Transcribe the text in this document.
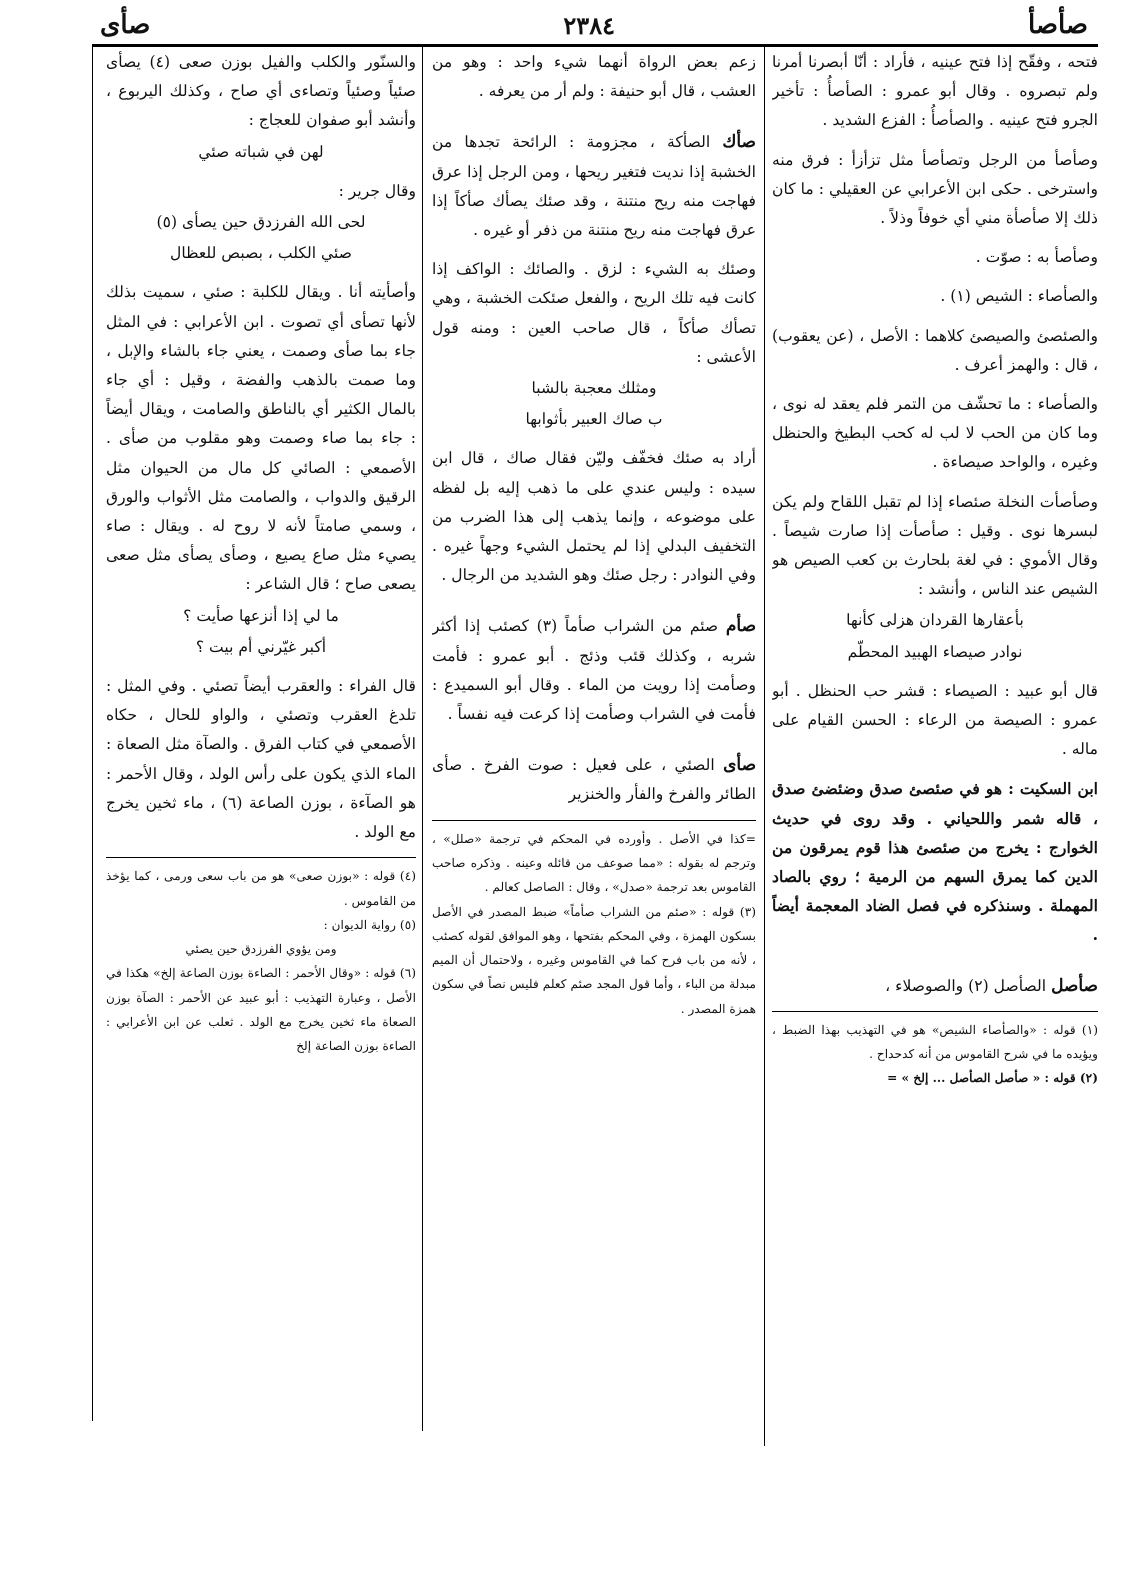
صأصأ
٢٣٨٤
صأى

فتحه ، وفقّح إذا فتح عينيه ، فأراد : أنّا أبصرنا أمرنا ولم تبصروه . وقال أبو عمرو : الصأصأُ : تأخير الجرو فتح عينيه . والصأصأُ : الفزع الشديد .

وصأصأ من الرجل وتصأصأ مثل تزأزأ : فرق منه واسترخى . حكى ابن الأعرابي عن العقيلي : ما كان ذلك إلا صأصأة مني أي خوفاً وذلاً .

وصأصأ به : صوّت .

والصأصاء : الشيص (١) .

والصئصئ والصيصئ كلاهما : الأصل ، (عن يعقوب) ، قال : والهمز أعرف .

والصأصاء : ما تحشّف من التمر فلم يعقد له نوى ، وما كان من الحب لا لب له كحب البطيخ والحنظل وغيره ، والواحد صيصاءة .

وصأصأت النخلة صئصاء إذا لم تقبل اللقاح ولم يكن لبسرها نوى . وقيل : صأصأت إذا صارت شيصاً . وقال الأموي : في لغة بلحارث بن كعب الصيص هو الشيص عند الناس ، وأنشد :

بأعقارها القردان هزلى كأنها

نوادر صيصاء الهبيد المحطّم

قال أبو عبيد : الصيصاء : قشر حب الحنظل . أبو عمرو : الصيصة من الرعاء : الحسن القيام على ماله .

ابن السكيت : هو في صئصئ صدق وضئضئ صدق ، قاله شمر واللحياني . وقد روى في حديث الخوارج : يخرج من صئصئ هذا قوم يمرقون من الدين كما يمرق السهم من الرمية ؛ روي بالصاد المهملة . وسنذكره في فصل الضاد المعجمة أيضاً .

صأصل الصأصل (٢) والصوصلاء ،

(١) قوله : «والصأصاء الشيص» هو في التهذيب بهذا الضبط ، ويؤيده ما في شرح القاموس من أنه كدحداح .

(٢) قوله : « صأصل الصأصل ... إلخ » =

زعم بعض الرواة أنهما شيء واحد : وهو من العشب ، قال أبو حنيفة : ولم أر من يعرفه .

صأك الصأكة ، مجزومة : الرائحة تجدها من الخشبة إذا نديت فتغير ريحها ، ومن الرجل إذا عرق فهاجت منه ريح منتنة ، وقد صئك يصأك صأكاً إذا عرق فهاجت منه ريح منتنة من ذفر أو غيره .

وصئك به الشيء : لزق . والصائك : الواكف إذا كانت فيه تلك الريح ، والفعل صئكت الخشبة ، وهي تصأك صأكاً ، قال صاحب العين : ومنه قول الأعشى :

ومثلك معجبة بالشبا

ب صاك العبير بأثوابها

أراد به صئك فخفّف وليّن فقال صاك ، قال ابن سيده : وليس عندي على ما ذهب إليه بل لفظه على موضوعه ، وإنما يذهب إلى هذا الضرب من التخفيف البدلي إذا لم يحتمل الشيء وجهاً غيره . وفي النوادر : رجل صئك وهو الشديد من الرجال .

صأم صئم من الشراب صأماً (٣) كصئب إذا أكثر شربه ، وكذلك قئب وذئج . أبو عمرو : فأمت وصأمت إذا رويت من الماء . وقال أبو السميدع : فأمت في الشراب وصأمت إذا كرعت فيه نفساً .

صأى الصئي ، على فعيل : صوت الفرخ . صأى الطائر والفرخ والفأر والخنزير

=كذا في الأصل . وأورده في المحكم في ترجمة «صلل» ، وترجم له بقوله : «مما صوعف من قائله وعينه . وذكره صاحب القاموس بعد ترجمة «صدل» ، وقال : الصاصل كعالم .

(٣) قوله : «صئم من الشراب صأماً» ضبط المصدر في الأصل بسكون الهمزة ، وفي المحكم بفتحها ، وهو الموافق لقوله كصئب ، لأنه من باب فرح كما في القاموس وغيره ، ولاحتمال أن الميم مبدلة من الباء ، وأما قول المجد صئم كعلم فليس نصاً في سكون همزة المصدر .

والسنّور والكلب والفيل بوزن صعى (٤) يصأى صئياً وصئياً وتصاءى أي صاح ، وكذلك اليربوع ، وأنشد أبو صفوان للعجاج :

لهن في شباته صئي

وقال جرير :

لحى الله الفرزدق حين يصأى (٥)

صئي الكلب ، بصبص للعظال

وأصأيته أنا . ويقال للكلبة : صئي ، سميت بذلك لأنها تصأى أي تصوت . ابن الأعرابي : في المثل جاء بما صأى وصمت ، يعني جاء بالشاء والإبل ، وما صمت بالذهب والفضة ، وقيل : أي جاء بالمال الكثير أي بالناطق والصامت ، ويقال أيضاً : جاء بما صاء وصمت وهو مقلوب من صأى . الأصمعي : الصائي كل مال من الحيوان مثل الرقيق والدواب ، والصامت مثل الأثواب والورق ، وسمي صامتاً لأنه لا روح له . ويقال : صاء يصيء مثل صاع يصيع ، وصأى يصأى مثل صعى يصعى صاح ؛ قال الشاعر :

ما لي إذا أنزعها صأيت ؟

أكبر غيّرني أم بيت ؟

قال الفراء : والعقرب أيضاً تصئي . وفي المثل : تلدغ العقرب وتصئي ، والواو للحال ، حكاه الأصمعي في كتاب الفرق . والصآة مثل الصعاة : الماء الذي يكون على رأس الولد ، وقال الأحمر : هو الصآءة ، بوزن الصاعة (٦) ، ماء ثخين يخرج مع الولد .

(٤) قوله : «بوزن صعى» هو من باب سعى ورمى ، كما يؤخذ من القاموس .

(٥) رواية الديوان :

ومن يؤوي الفرزدق حين يصئي

(٦) قوله : «وقال الأحمر : الصاءة بوزن الصاعة إلخ» هكذا في الأصل ، وعبارة التهذيب : أبو عبيد عن الأحمر : الصآة بوزن الصعاة ماء ثخين يخرج مع الولد . ثعلب عن ابن الأعرابي : الصاءة بوزن الصاعة إلخ
